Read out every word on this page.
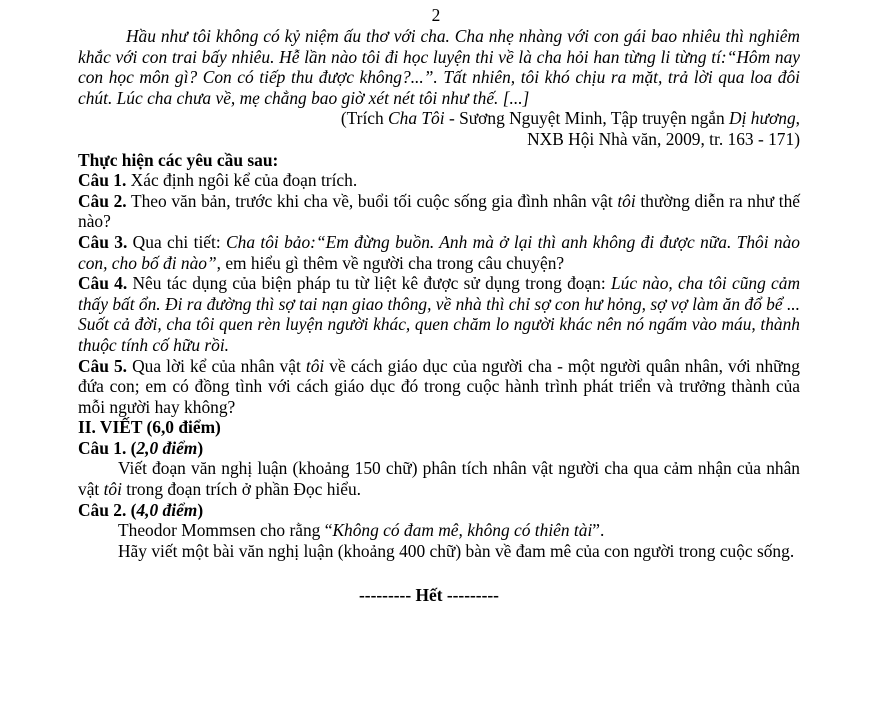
2

Hầu như tôi không có kỷ niệm ấu thơ với cha. Cha nhẹ nhàng với con gái bao nhiêu thì nghiêm khắc với con trai bấy nhiêu. Hễ lần nào tôi đi học luyện thi về là cha hỏi han từng li từng tí:“Hôm nay con học môn gì? Con có tiếp thu được không?...”. Tất nhiên, tôi khó chịu ra mặt, trả lời qua loa đôi chút. Lúc cha chưa về, mẹ chẳng bao giờ xét nét tôi như thế. [...]

(Trích Cha Tôi - Sương Nguyệt Minh, Tập truyện ngắn Dị hương,
NXB Hội Nhà văn, 2009, tr. 163 - 171)

Thực hiện các yêu cầu sau:

Câu 1. Xác định ngôi kể của đoạn trích.

Câu 2. Theo văn bản, trước khi cha về, buổi tối cuộc sống gia đình nhân vật tôi thường diễn ra như thế nào?

Câu 3. Qua chi tiết: Cha tôi bảo:“Em đừng buồn. Anh mà ở lại thì anh không đi được nữa. Thôi nào con, cho bố đi nào”, em hiểu gì thêm về người cha trong câu chuyện?

Câu 4. Nêu tác dụng của biện pháp tu từ liệt kê được sử dụng trong đoạn: Lúc nào, cha tôi cũng cảm thấy bất ổn. Đi ra đường thì sợ tai nạn giao thông, về nhà thì chỉ sợ con hư hỏng, sợ vợ làm ăn đổ bể ... Suốt cả đời, cha tôi quen rèn luyện người khác, quen chăm lo người khác nên nó ngấm vào máu, thành thuộc tính cố hữu rồi.

Câu 5. Qua lời kể của nhân vật tôi về cách giáo dục của người cha - một người quân nhân, với những đứa con; em có đồng tình với cách giáo dục đó trong cuộc hành trình phát triển và trưởng thành của mỗi người hay không?

II. VIẾT (6,0 điểm)

Câu 1. (2,0 điểm)

Viết đoạn văn nghị luận (khoảng 150 chữ) phân tích nhân vật người cha qua cảm nhận của nhân vật tôi trong đoạn trích ở phần Đọc hiểu.

Câu 2. (4,0 điểm)

Theodor Mommsen cho rằng “Không có đam mê, không có thiên tài”.

Hãy viết một bài văn nghị luận (khoảng 400 chữ) bàn về đam mê của con người trong cuộc sống.

--------- Hết ---------
